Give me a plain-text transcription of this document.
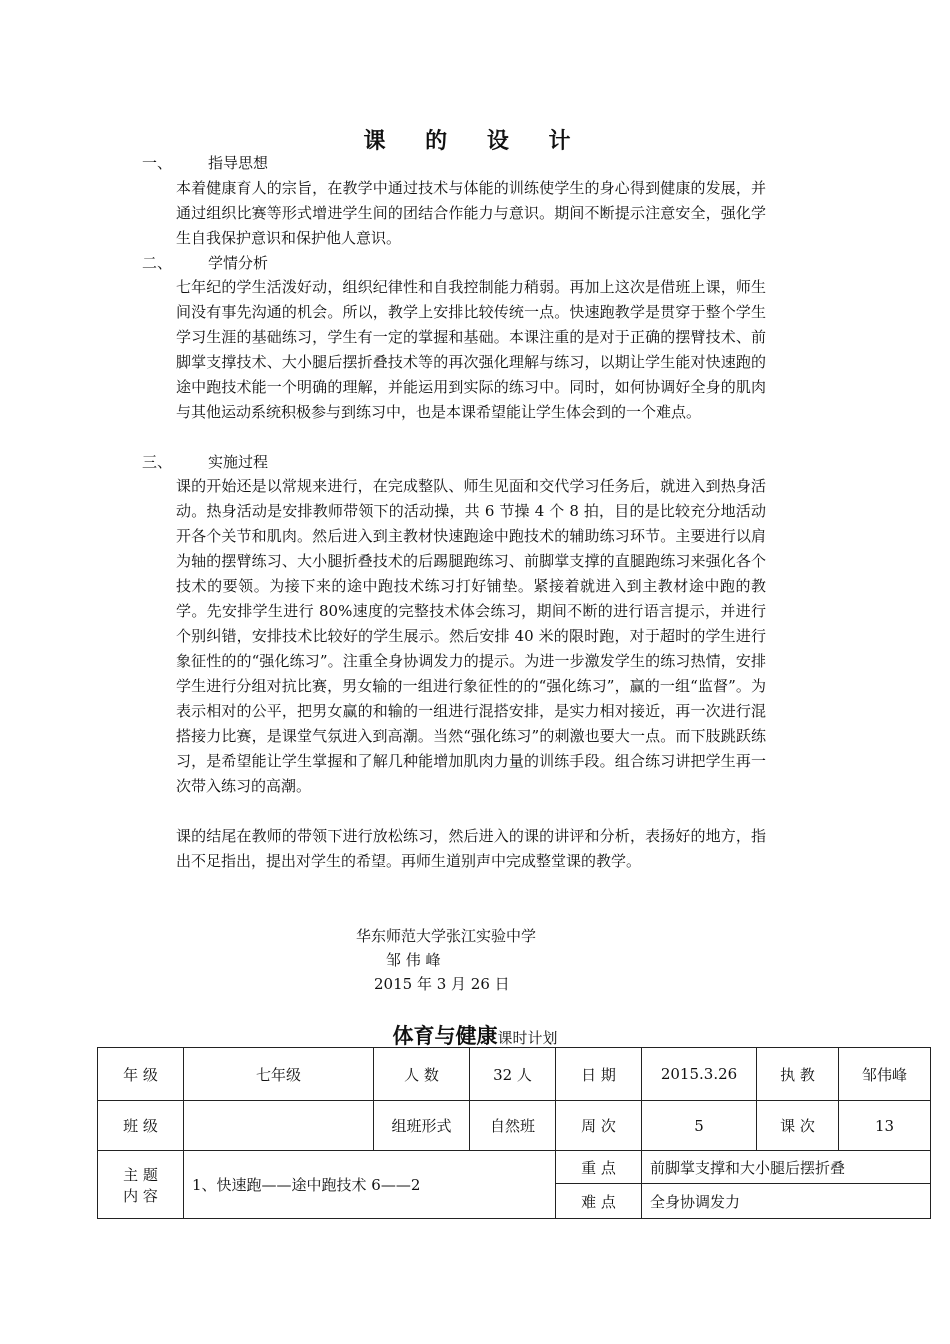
课 的 设 计
一、 指导思想

本着健康育人的宗旨，在教学中通过技术与体能的训练使学生的身心得到健康的发展，并通过组织比赛等形式增进学生间的团结合作能力与意识。期间不断提示注意安全，强化学生自我保护意识和保护他人意识。

二、 学情分析

七年纪的学生活泼好动，组织纪律性和自我控制能力稍弱。再加上这次是借班上课，师生间没有事先沟通的机会。所以，教学上安排比较传统一点。快速跑教学是贯穿于整个学生学习生涯的基础练习，学生有一定的掌握和基础。本课注重的是对于正确的摆臂技术、前脚掌支撑技术、大小腿后摆折叠技术等的再次强化理解与练习，以期让学生能对快速跑的途中跑技术能一个明确的理解，并能运用到实际的练习中。同时，如何协调好全身的肌肉与其他运动系统积极参与到练习中，也是本课希望能让学生体会到的一个难点。

三、 实施过程

课的开始还是以常规来进行，在完成整队、师生见面和交代学习任务后，就进入到热身活动。热身活动是安排教师带领下的活动操，共 6 节操 4 个 8 拍，目的是比较充分地活动开各个关节和肌肉。然后进入到主教材快速跑途中跑技术的辅助练习环节。主要进行以肩为轴的摆臂练习、大小腿折叠技术的后踢腿跑练习、前脚掌支撑的直腿跑练习来强化各个技术的要领。为接下来的途中跑技术练习打好铺垫。紧接着就进入到主教材途中跑的教学。先安排学生进行 80%速度的完整技术体会练习，期间不断的进行语言提示，并进行个别纠错，安排技术比较好的学生展示。然后安排 40 米的限时跑，对于超时的学生进行象征性的的“强化练习”。注重全身协调发力的提示。为进一步激发学生的练习热情，安排学生进行分组对抗比赛，男女输的一组进行象征性的的“强化练习”，赢的一组“监督”。为表示相对的公平，把男女赢的和输的一组进行混搭安排，是实力相对接近，再一次进行混搭接力比赛，是课堂气氛进入到高潮。当然“强化练习”的刺激也要大一点。而下肢跳跃练习，是希望能让学生掌握和了解几种能增加肌肉力量的训练手段。组合练习讲把学生再一次带入练习的高潮。

课的结尾在教师的带领下进行放松练习，然后进入的课的讲评和分析，表扬好的地方，指出不足指出，提出对学生的希望。再师生道别声中完成整堂课的教学。

华东师范大学张江实验中学
邹 伟 峰
2015 年 3 月 26 日
体育与健康课时计划
年 级	七年级	人 数	32 人	日 期	2015.3.26	执 教	邹伟峰
班 级		组班形式	自然班	周 次	5	课 次	13

主 题
内 容	1、快速跑——途中跑技术 6——2			重 点	前脚掌支撑和大小腿后摆折叠		
				难 点	全身协调发力		
